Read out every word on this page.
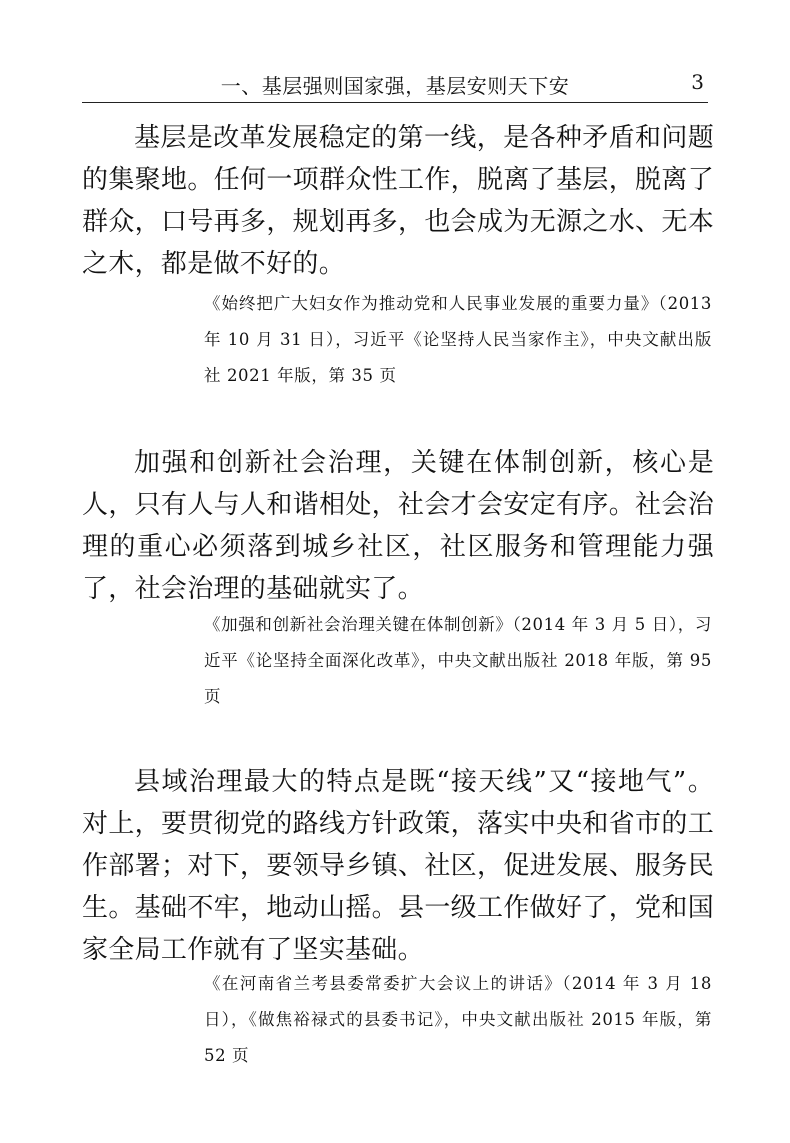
一、基层强则国家强，基层安则天下安	3

基层是改革发展稳定的第一线，是各种矛盾和问题的集聚地。任何一项群众性工作，脱离了基层，脱离了群众，口号再多，规划再多，也会成为无源之水、无本之木，都是做不好的。

《始终把广大妇女作为推动党和人民事业发展的重要力量》（2013 年 10 月 31 日），习近平《论坚持人民当家作主》，中央文献出版社 2021 年版，第 35 页

加强和创新社会治理，关键在体制创新，核心是人，只有人与人和谐相处，社会才会安定有序。社会治理的重心必须落到城乡社区，社区服务和管理能力强了，社会治理的基础就实了。

《加强和创新社会治理关键在体制创新》（2014 年 3 月 5 日），习近平《论坚持全面深化改革》，中央文献出版社 2018 年版，第 95 页

县域治理最大的特点是既“接天线”又“接地气”。对上，要贯彻党的路线方针政策，落实中央和省市的工作部署；对下，要领导乡镇、社区，促进发展、服务民生。基础不牢，地动山摇。县一级工作做好了，党和国家全局工作就有了坚实基础。

《在河南省兰考县委常委扩大会议上的讲话》（2014 年 3 月 18 日），《做焦裕禄式的县委书记》，中央文献出版社 2015 年版，第 52 页
